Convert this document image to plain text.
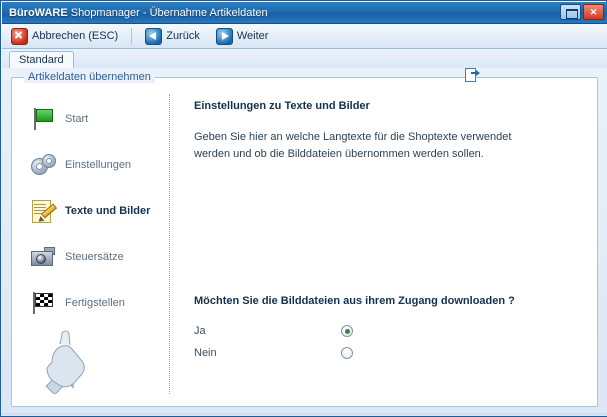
BüroWARE Shopmanager - Übernahme Artikeldaten	✕
Abbrechen (ESC)	Zurück	Weiter
Standard
Artikeldaten übernehmen
Start
Einstellungen
Texte und Bilder
Steuersätze
Fertigstellen
Einstellungen zu Texte und Bilder
Geben Sie hier an welche Langtexte für die Shoptexte verwendet werden und ob die Bilddateien übernommen werden sollen.
Möchten Sie die Bilddateien aus ihrem Zugang downloaden ?
Ja
Nein
